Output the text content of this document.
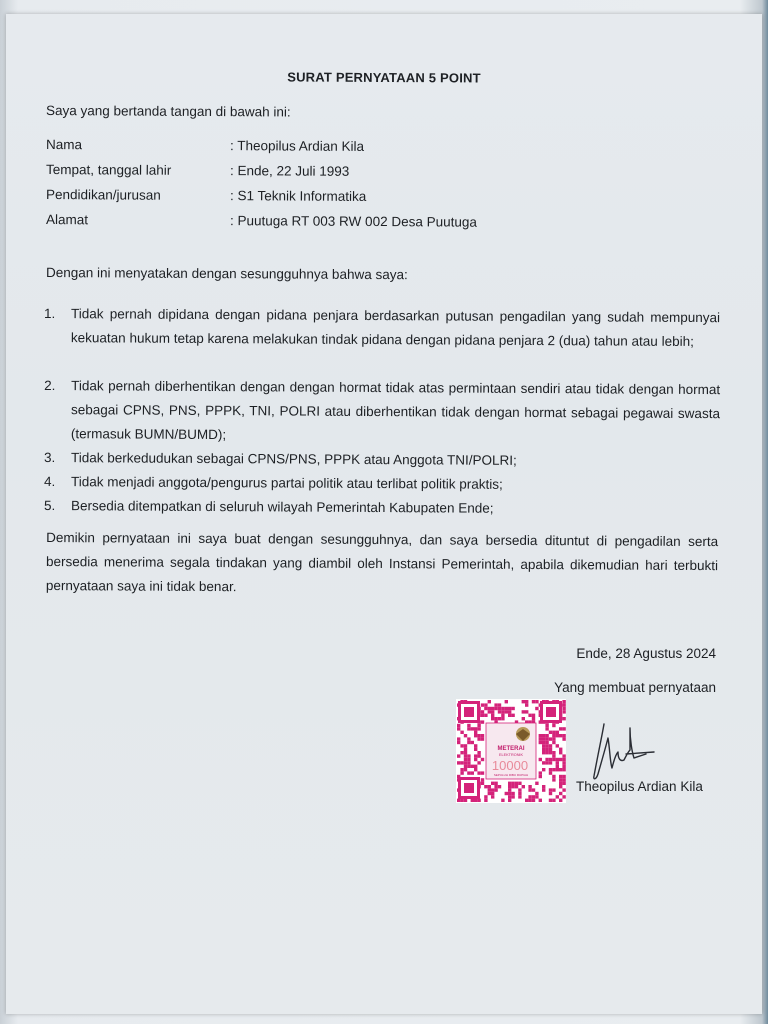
SURAT PERNYATAAN 5 POINT
Saya yang bertanda tangan di bawah ini:
Nama	: Theopilus Ardian Kila
Tempat, tanggal lahir	: Ende, 22 Juli 1993
Pendidikan/jurusan	: S1 Teknik Informatika
Alamat	: Puutuga RT 003 RW 002 Desa Puutuga
Dengan ini menyatakan dengan sesungguhnya bahwa saya:
1. Tidak pernah dipidana dengan pidana penjara berdasarkan putusan pengadilan yang sudah mempunyai kekuatan hukum tetap karena melakukan tindak pidana dengan pidana penjara 2 (dua) tahun atau lebih;
2. Tidak pernah diberhentikan dengan dengan hormat tidak atas permintaan sendiri atau tidak dengan hormat sebagai CPNS, PNS, PPPK, TNI, POLRI atau diberhentikan tidak dengan hormat sebagai pegawai swasta (termasuk BUMN/BUMD);
3. Tidak berkedudukan sebagai CPNS/PNS, PPPK atau Anggota TNI/POLRI;
4. Tidak menjadi anggota/pengurus partai politik atau terlibat politik praktis;
5. Bersedia ditempatkan di seluruh wilayah Pemerintah Kabupaten Ende;
Demikin pernyataan ini saya buat dengan sesungguhnya, dan saya bersedia dituntut di pengadilan serta bersedia menerima segala tindakan yang diambil oleh Instansi Pemerintah, apabila dikemudian hari terbukti pernyataan saya ini tidak benar.
Ende, 28 Agustus 2024
Yang membuat pernyataan
METERAI
ELEKTRONIK
10000
SEPULUH RIBU RUPIAH
Theopilus Ardian Kila
